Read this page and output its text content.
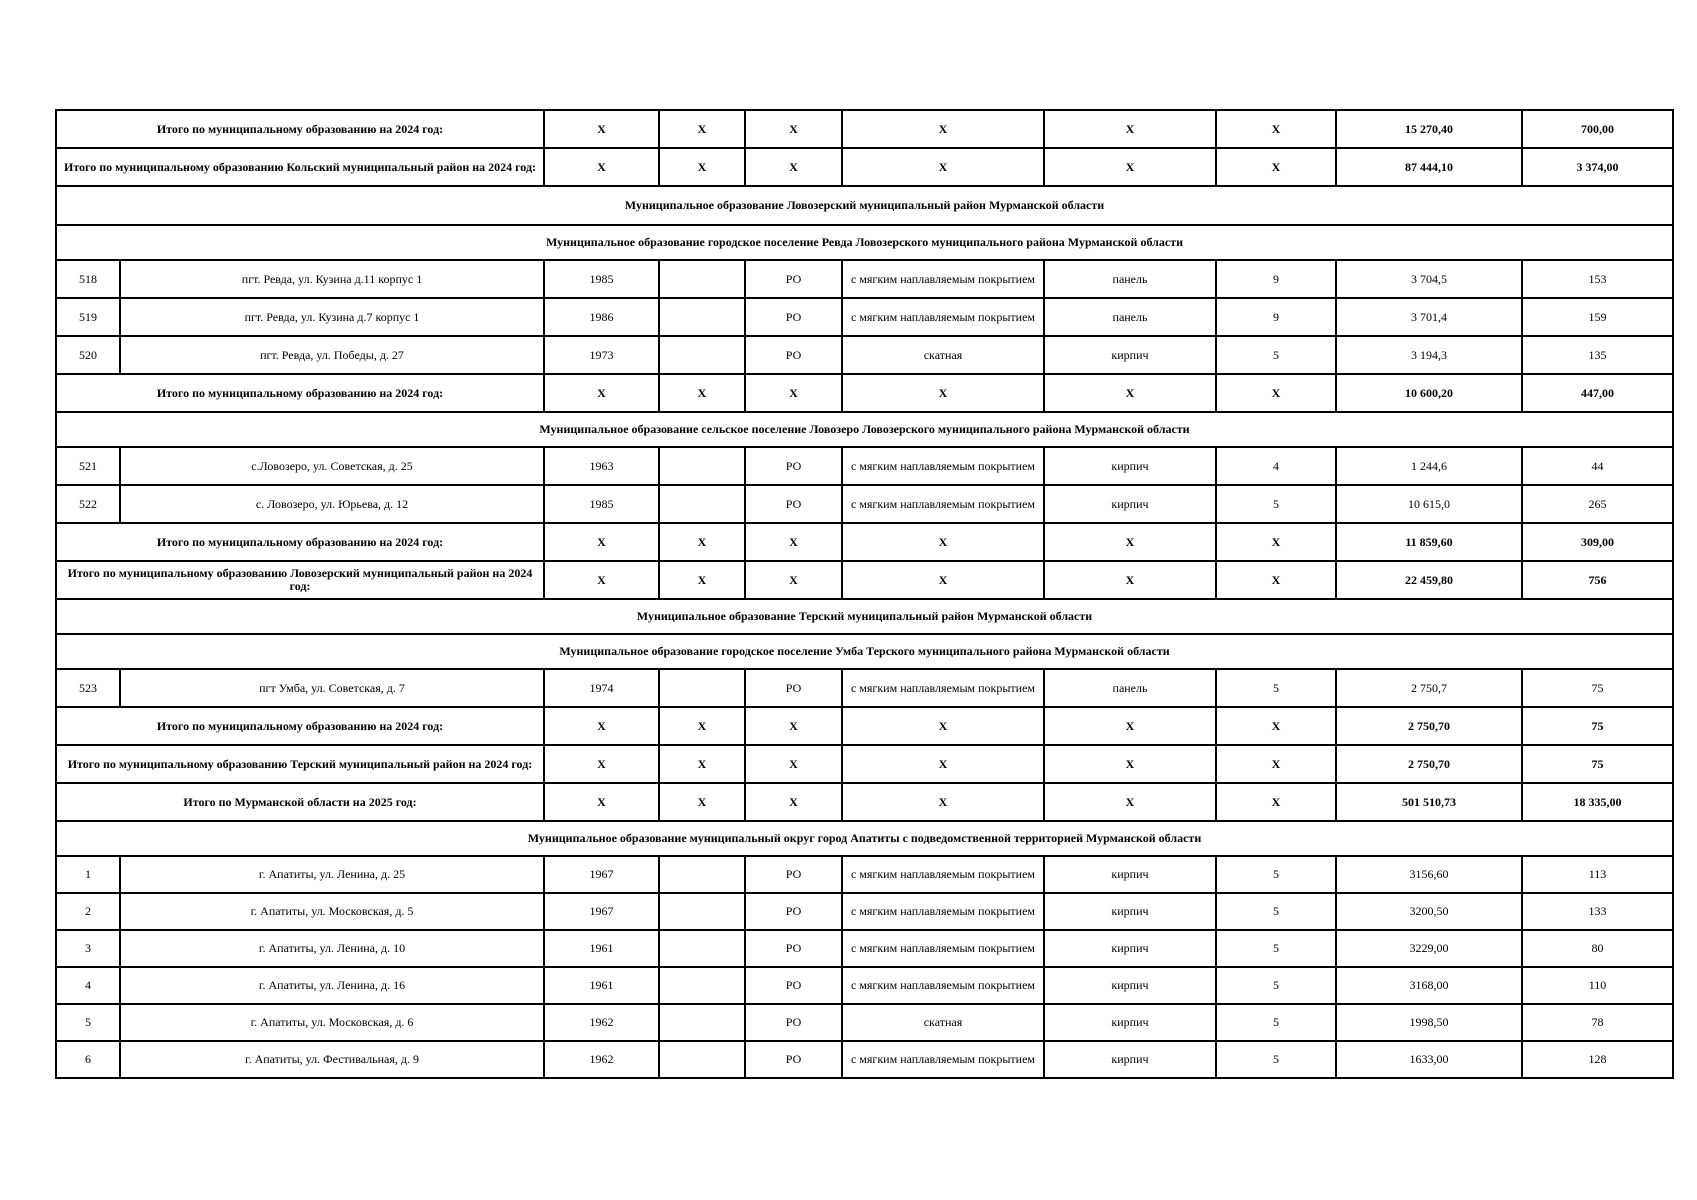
Итого по муниципальному образованию на 2024 год:		X	X	X	X	X	X	15 270,40	700,00
Итого по муниципальному образованию Кольский муниципальный район на 2024 год:		X	X	X	X	X	X	87 444,10	3 374,00
Муниципальное образование Ловозерский муниципальный район Мурманской области									
Муниципальное образование городское поселение Ревда Ловозерского муниципального района Мурманской области									
518	пгт. Ревда, ул. Кузина д.11 корпус 1	1985		РО	с мягким наплавляемым покрытием	панель	9	3 704,5	153
519	пгт. Ревда, ул. Кузина д.7 корпус 1	1986		РО	с мягким наплавляемым покрытием	панель	9	3 701,4	159
520	пгт. Ревда, ул. Победы, д. 27	1973		РО	скатная	кирпич	5	3 194,3	135
Итого по муниципальному образованию на 2024 год:		X	X	X	X	X	X	10 600,20	447,00
Муниципальное образование сельское поселение Ловозеро Ловозерского муниципального района Мурманской области									
521	с.Ловозеро, ул. Советская, д. 25	1963		РО	с мягким наплавляемым покрытием	кирпич	4	1 244,6	44
522	с. Ловозеро, ул. Юрьева, д. 12	1985		РО	с мягким наплавляемым покрытием	кирпич	5	10 615,0	265
Итого по муниципальному образованию на 2024 год:		X	X	X	X	X	X	11 859,60	309,00
Итого по муниципальному образованию Ловозерский муниципальный район на 2024 год:		X	X	X	X	X	X	22 459,80	756
Муниципальное образование Терский муниципальный район Мурманской области									
Муниципальное образование городское поселение Умба Терского муниципального района Мурманской области									
523	пгт Умба, ул. Советская, д. 7	1974		РО	с мягким наплавляемым покрытием	панель	5	2 750,7	75
Итого по муниципальному образованию на 2024 год:		X	X	X	X	X	X	2 750,70	75
Итого по муниципальному образованию Терский муниципальный район на 2024 год:		X	X	X	X	X	X	2 750,70	75
Итого по Мурманской области на 2025 год:		X	X	X	X	X	X	501 510,73	18 335,00
Муниципальное образование муниципальный округ город Апатиты с подведомственной территорией Мурманской области									
1	г. Апатиты, ул. Ленина, д. 25	1967		РО	с мягким наплавляемым покрытием	кирпич	5	3156,60	113
2	г. Апатиты, ул. Московская, д. 5	1967		РО	с мягким наплавляемым покрытием	кирпич	5	3200,50	133
3	г. Апатиты, ул. Ленина, д. 10	1961		РО	с мягким наплавляемым покрытием	кирпич	5	3229,00	80
4	г. Апатиты, ул. Ленина, д. 16	1961		РО	с мягким наплавляемым покрытием	кирпич	5	3168,00	110
5	г. Апатиты, ул. Московская, д. 6	1962		РО	скатная	кирпич	5	1998,50	78
6	г. Апатиты, ул. Фестивальная, д. 9	1962		РО	с мягким наплавляемым покрытием	кирпич	5	1633,00	128
